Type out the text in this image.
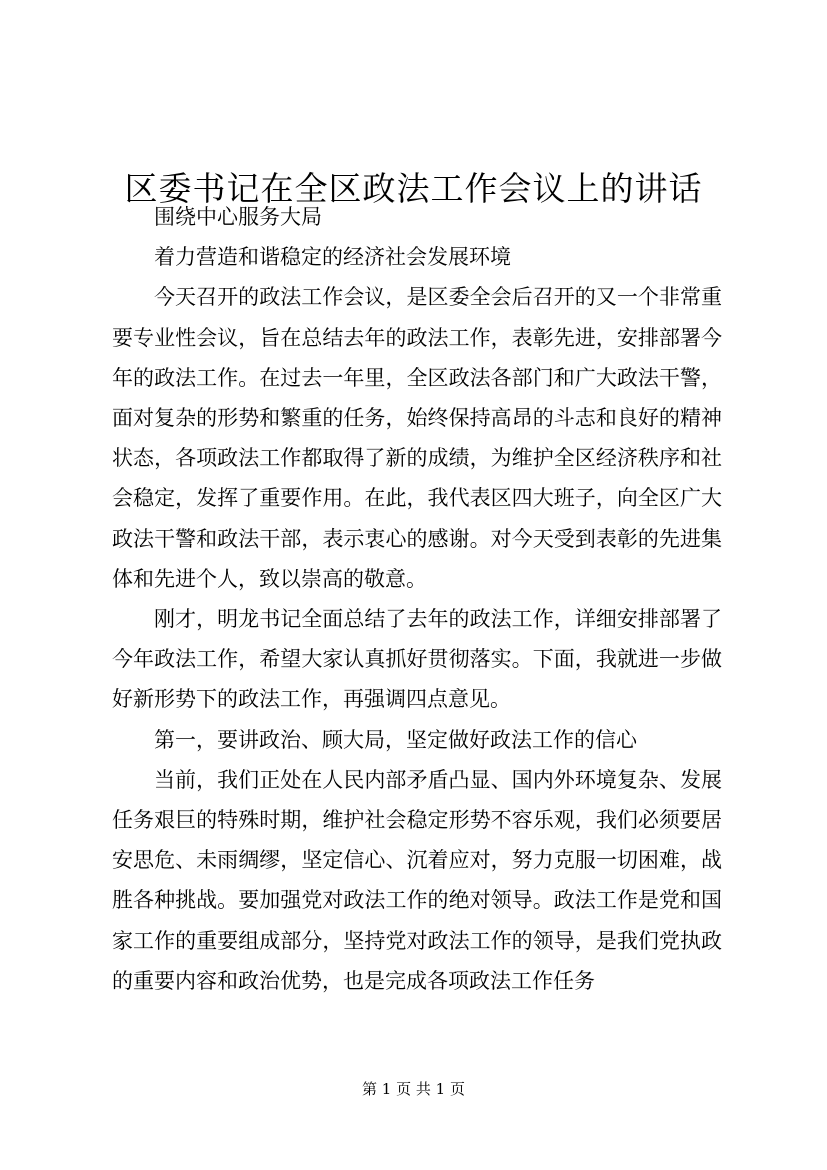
区委书记在全区政法工作会议上的讲话

围绕中心服务大局

着力营造和谐稳定的经济社会发展环境

今天召开的政法工作会议，是区委全会后召开的又一个非常重要专业性会议，旨在总结去年的政法工作，表彰先进，安排部署今年的政法工作。在过去一年里，全区政法各部门和广大政法干警，面对复杂的形势和繁重的任务，始终保持高昂的斗志和良好的精神状态，各项政法工作都取得了新的成绩，为维护全区经济秩序和社会稳定，发挥了重要作用。在此，我代表区四大班子，向全区广大政法干警和政法干部，表示衷心的感谢。对今天受到表彰的先进集体和先进个人，致以崇高的敬意。

刚才，明龙书记全面总结了去年的政法工作，详细安排部署了今年政法工作，希望大家认真抓好贯彻落实。下面，我就进一步做好新形势下的政法工作，再强调四点意见。

第一，要讲政治、顾大局，坚定做好政法工作的信心

当前，我们正处在人民内部矛盾凸显、国内外环境复杂、发展任务艰巨的特殊时期，维护社会稳定形势不容乐观，我们必须要居安思危、未雨绸缪，坚定信心、沉着应对，努力克服一切困难，战胜各种挑战。要加强党对政法工作的绝对领导。政法工作是党和国家工作的重要组成部分，坚持党对政法工作的领导，是我们党执政的重要内容和政治优势，也是完成各项政法工作任务

第 1 页 共 1 页
